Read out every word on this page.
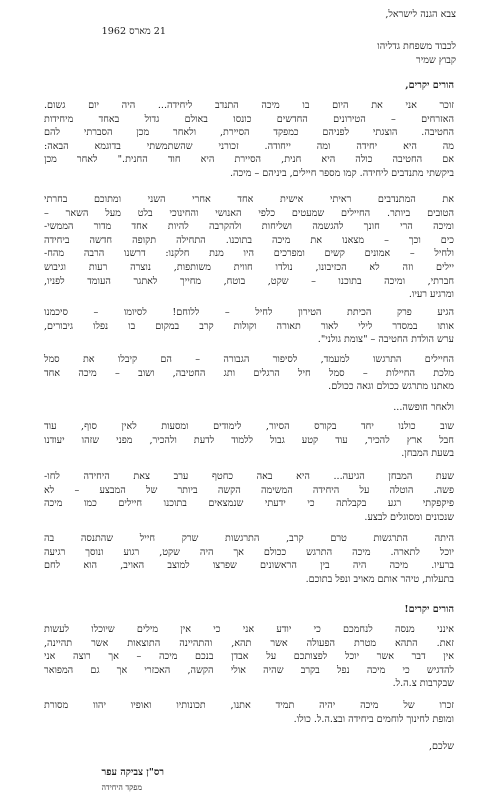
צבא הגנה לישראל,
21 מארס 1962
לכבוד משפחת גדליהו
קבוץ שמיר
הורים יקרים,
זוכר אני את היום בו מיכה התנדב ליחידה... היה יום גשום.
האזרחים – הטירונים החדשים כונסו באולם גדול באחד מיחידות
החטיבה. הוצגתי לפניהם כמפקד הסיירת, ולאחר מכן הסברתי להם
מה היא יחידה ומה ייחודה. זכורני שהשתמשתי בדוגמא הבאה:
אם החטיבה כולה היא חנית, הסיירת היא חוד החנית." לאחר מכן
ביקשתי מתנדבים ליחידה. קמו מספר חיילים, ביניהם – מיכה.
את המתנדבים ראיתי אישית אחד אחרי השני ומתוכם בחרתי
הטובים ביותר. החיילים שמעטים כלפי האנושי והחינוכי בלט מעל השאר –
ומיכה הרי חונך להגשמה ושליחות ולהקרבה להיות אחד מדור הממשי-
כים וכך – מצאנו את מיכה בתוכנו. התחילה תקופה חדשה ביחידה
ולחיל – אמונים קשים ומפרכים היו מנת חלקנו: דרשנו הרבה מהח-
יילים וזה לא הכזיבונו, נולדו חווית משותפות, נוצרה רעות וגיבוש
חברתי, ומיכה בתוכנו – שקט, בוטח, מחייך לאתגר העומד לפניו,
ומרגיע רעיו.
הגיע פרק הכיתת הטירון לחיל – ללוחם! לסיומו – סיכמנו
אותו במסדר לילי לאור תאורה וקולות קרב במקום בו נפלו גיבורים,
ערש הולדת החטיבה – "צומת גולני".
החיילים התרגשו למעמד, לסיפור הגבורה – הם קיבלו את סמל
מלכת החיילות – סמל חיל הרגלים ותג החטיבה, ושוב – מיכה אחד
מאתנו מתרגש ככולם וגאה ככולם.
ולאחר חופשה...
שוב כולנו יחד בקורס הסיור, לימודים ומסעות לאין סוף, עוד
חבל ארץ להכיר, עוד קטע גבול ללמוד לדעת ולהכיר, מפני שזהו יעודנו
בשעת המבחן.
שעת המבחן הגיעה... היא באה כחטף ערב צאת היחידה לחו-
פשה. הוטלה על היחידה המשימה הקשה ביותר של המבצע – לא
פיקפקתי רגע בקבלתה כי ידעתי שנמצאים בתוכנו חיילים כמו מיכה
שנכונים ומסוגלים לבצע.
היתה התרגשות טרם קרב, התרגשות שרק חייל שהתנסה בה
יוכל לתארה. מיכה התרגש ככולם אך היה שקט, רגוע ונוסך רגיעה
ברעיו. מיכה היה בין הראשונים שפרצו למוצב האויב, הוא לחם
בתעלות, טיהר אותם מאויב ונפל בתוכם.
הורים יקרים!
אינני מנסה לנחמכם כי יודע אני כי אין מילים שיוכלו לעשות
זאת. התהא מטרת הפעולה אשר תהא, והתהיינה התוצאות אשר תהיינה,
אין דבר אשר יוכל לפצותכם על אבדן בנכם מיכה – אך רוצה אני
להדגיש כי מיכה נפל בקרב שהיה אולי הקשה, האכזרי אך גם המפואר
שבקרבות צ.ה.ל.
זכרו של מיכה יהיה תמיד אתנו, תכונותיו ואופיו יהוו מסורת
ומופת לחינוך לוחמים ביחידה ובצ.ה.ל. כולו.
שלכם,
רס"ן צביקה עפר
מפקד היחידה
